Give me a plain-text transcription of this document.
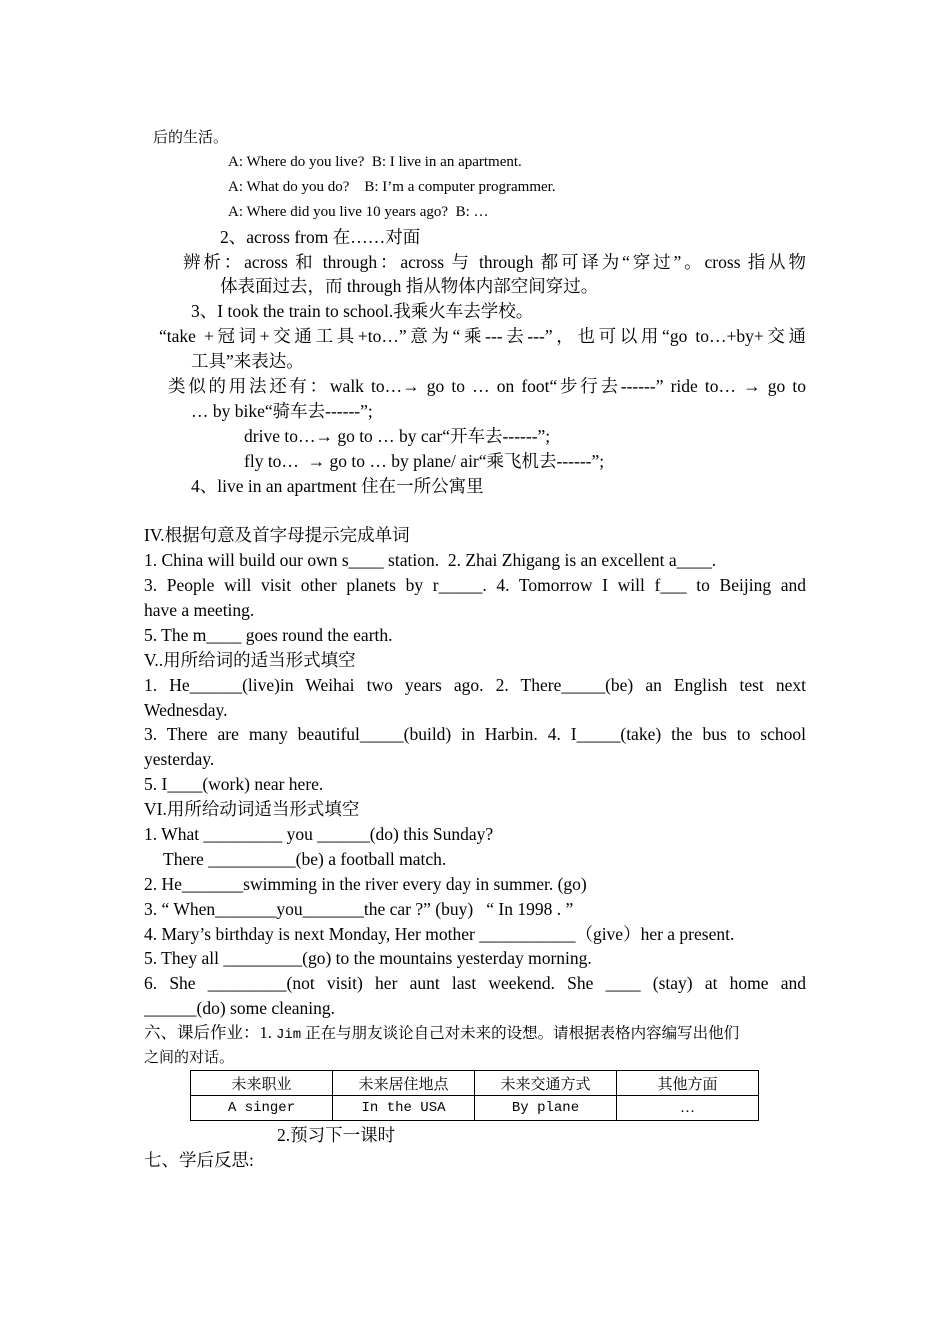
后的生活。
A: Where do you live?  B: I live in an apartment.
A: What do you do?    B: I’m a computer programmer.
A: Where did you live 10 years ago?  B: …
2、across from 在……对面
辨析：across 和 through：across 与 through 都可译为“穿过”。cross 指从物
体表面过去，而 through 指从物体内部空间穿过。
3、I took the train to school.我乘火车去学校。
“take +冠词+交通工具+to…”意为“乘---去---”，也可以用“go to…+by+交通
工具”来表达。
类似的用法还有：walk to…→ go to … on foot“步行去------” ride to… → go to
… by bike“骑车去------”;
drive to…→ go to … by car“开车去------”;
fly to…  → go to … by plane/ air“乘飞机去------”;
4、live in an apartment 住在一所公寓里
IV.根据句意及首字母提示完成单词
1. China will build our own s____ station.  2. Zhai Zhigang is an excellent a____.
3. People will visit other planets by r_____. 4. Tomorrow I will f___ to Beijing and
have a meeting.
5. The m____ goes round the earth.
V..用所给词的适当形式填空
1. He______(live)in Weihai two years ago. 2. There_____(be) an English test next
Wednesday.
3. There are many beautiful_____(build) in Harbin. 4. I_____(take) the bus to school
yesterday.
5. I____(work) near here.
VI.用所给动词适当形式填空
1. What _________ you ______(do) this Sunday?
There __________(be) a football match.
2. He_______swimming in the river every day in summer. (go)
3. “ When_______you_______the car ?” (buy)   “ In 1998 . ”
4. Mary’s birthday is next Monday, Her mother ___________（give）her a present.
5. They all _________(go) to the mountains yesterday morning.
6. She _________(not visit) her aunt last weekend. She ____ (stay) at home and
______(do) some cleaning.
六、课后作业：1. Jim 正在与朋友谈论自己对未来的设想。请根据表格内容编写出他们
之间的对话。
未来职业	未来居住地点	未来交通方式	其他方面
A singer	In the USA	By plane	…
2.预习下一课时
七、学后反思:
